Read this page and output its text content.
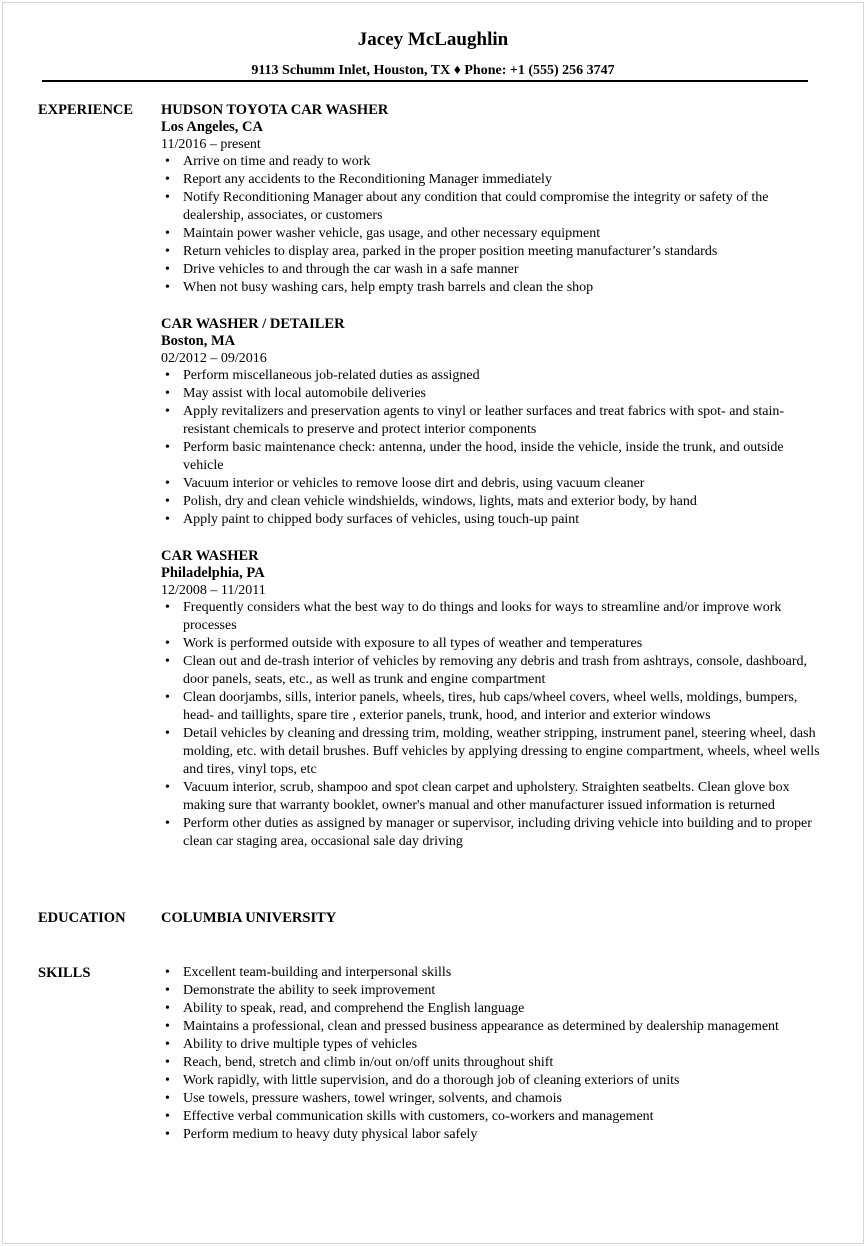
Jacey McLaughlin
9113 Schumm Inlet, Houston, TX ♦ Phone: +1 (555) 256 3747
EXPERIENCE HUDSON TOYOTA CAR WASHER
Los Angeles, CA
11/2016 – present
• Arrive on time and ready to work
• Report any accidents to the Reconditioning Manager immediately
• Notify Reconditioning Manager about any condition that could compromise the integrity or safety of the dealership, associates, or customers
• Maintain power washer vehicle, gas usage, and other necessary equipment
• Return vehicles to display area, parked in the proper position meeting manufacturer’s standards
• Drive vehicles to and through the car wash in a safe manner
• When not busy washing cars, help empty trash barrels and clean the shop
CAR WASHER / DETAILER
Boston, MA
02/2012 – 09/2016
• Perform miscellaneous job-related duties as assigned
• May assist with local automobile deliveries
• Apply revitalizers and preservation agents to vinyl or leather surfaces and treat fabrics with spot- and stain- resistant chemicals to preserve and protect interior components
• Perform basic maintenance check: antenna, under the hood, inside the vehicle, inside the trunk, and outside vehicle
• Vacuum interior or vehicles to remove loose dirt and debris, using vacuum cleaner
• Polish, dry and clean vehicle windshields, windows, lights, mats and exterior body, by hand
• Apply paint to chipped body surfaces of vehicles, using touch-up paint
CAR WASHER
Philadelphia, PA
12/2008 – 11/2011
• Frequently considers what the best way to do things and looks for ways to streamline and/or improve work processes
• Work is performed outside with exposure to all types of weather and temperatures
• Clean out and de-trash interior of vehicles by removing any debris and trash from ashtrays, console, dashboard, door panels, seats, etc., as well as trunk and engine compartment
• Clean doorjambs, sills, interior panels, wheels, tires, hub caps/wheel covers, wheel wells, moldings, bumpers, head- and taillights, spare tire , exterior panels, trunk, hood, and interior and exterior windows
• Detail vehicles by cleaning and dressing trim, molding, weather stripping, instrument panel, steering wheel, dash molding, etc. with detail brushes. Buff vehicles by applying dressing to engine compartment, wheels, wheel wells and tires, vinyl tops, etc
• Vacuum interior, scrub, shampoo and spot clean carpet and upholstery. Straighten seatbelts. Clean glove box making sure that warranty booklet, owner's manual and other manufacturer issued information is returned
• Perform other duties as assigned by manager or supervisor, including driving vehicle into building and to proper clean car staging area, occasional sale day driving
EDUCATION COLUMBIA UNIVERSITY
SKILLS
•	Excellent team-building and interpersonal skills
• Demonstrate the ability to seek improvement
• Ability to speak, read, and comprehend the English language
• Maintains a professional, clean and pressed business appearance as determined by dealership management
• Ability to drive multiple types of vehicles
• Reach, bend, stretch and climb in/out on/off units throughout shift
• Work rapidly, with little supervision, and do a thorough job of cleaning exteriors of units
• Use towels, pressure washers, towel wringer, solvents, and chamois
• Effective verbal communication skills with customers, co-workers and management
• Perform medium to heavy duty physical labor safely
